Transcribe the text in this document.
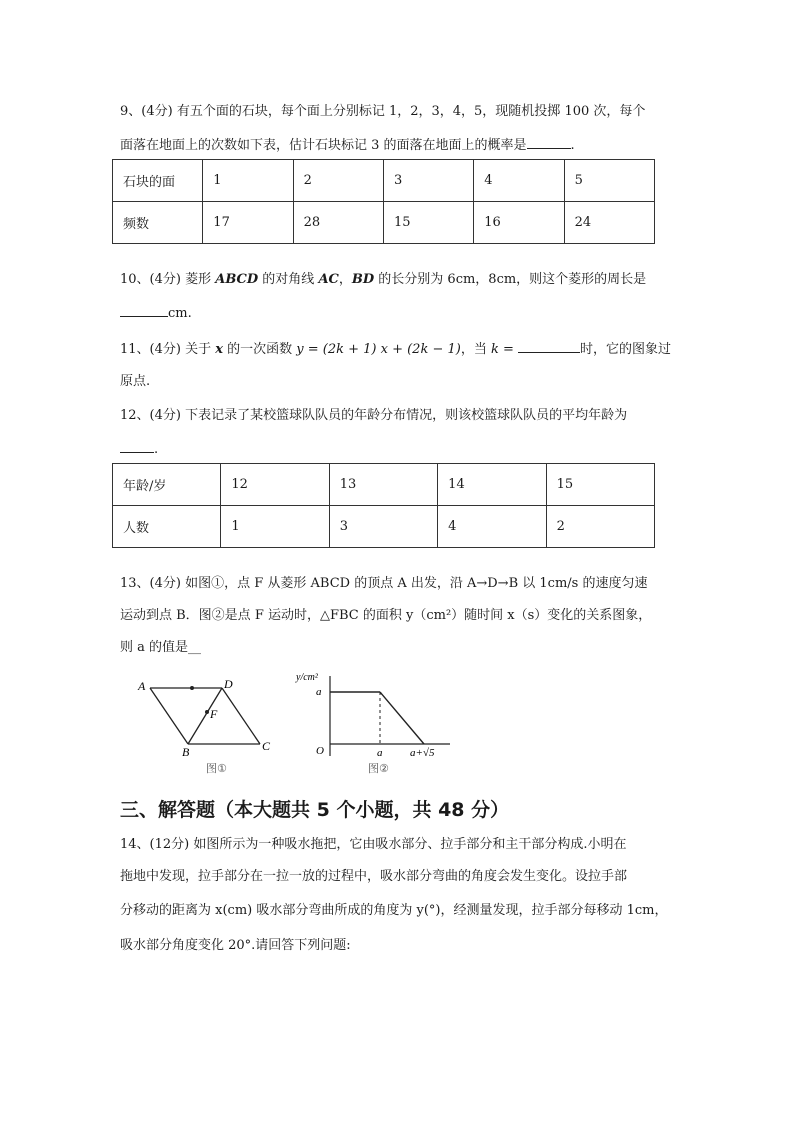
9、(4分) 有五个面的石块，每个面上分别标记 1，2，3，4，5，现随机投掷 100 次，每个
面落在地面上的次数如下表，估计石块标记 3 的面落在地面上的概率是	.
石块的面	1	2	3	4	5
频数	17	28	15	16	24
10、(4分) 菱形 ABCD 的对角线 AC，BD 的长分别为 6cm，8cm，则这个菱形的周长是
cm.
11、(4分) 关于 x 的一次函数 y = (2k + 1) x + (2k − 1)，当 k =	时，它的图象过
原点.
12、(4分) 下表记录了某校篮球队队员的年龄分布情况，则该校篮球队队员的平均年龄为
.
年龄/岁	12	13	14	15
人数	1	3	4	2
13、(4分) 如图①，点 F 从菱形 ABCD 的顶点 A 出发，沿 A→D→B 以 1cm/s 的速度匀速
运动到点 B．图②是点 F 运动时，△FBC 的面积 y（cm²）随时间 x（s）变化的关系图象，
则 a 的值是__
A	D
F
B	C
图①
y/cm²
a
O	a	a+√5
图②
三、解答题（本大题共 5 个小题，共 48 分）
14、(12分) 如图所示为一种吸水拖把，它由吸水部分、拉手部分和主干部分构成.小明在
拖地中发现，拉手部分在一拉一放的过程中，吸水部分弯曲的角度会发生变化。设拉手部
分移动的距离为 x(cm) 吸水部分弯曲所成的角度为 y(°)，经测量发现，拉手部分每移动 1cm，
吸水部分角度变化 20°.请回答下列问题:
